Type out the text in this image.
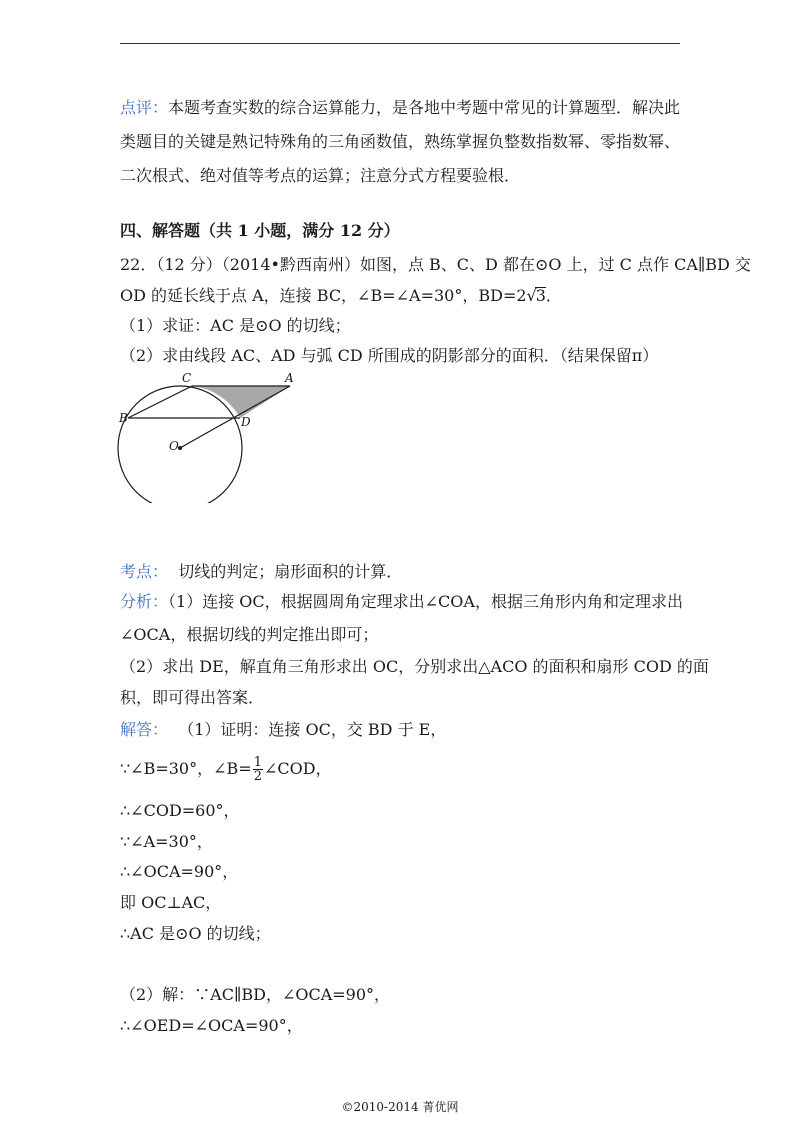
点评：本题考查实数的综合运算能力，是各地中考题中常见的计算题型．解决此
类题目的关键是熟记特殊角的三角函数值，熟练掌握负整数指数幂、零指数幂、
二次根式、绝对值等考点的运算；注意分式方程要验根．
四、解答题（共 1 小题，满分 12 分）
22．（12 分）（2014•黔西南州）如图，点 B、C、D 都在⊙O 上，过 C 点作 CA∥BD 交
OD 的延长线于点 A，连接 BC，∠B=∠A=30°，BD=2√3．
（1）求证：AC 是⊙O 的切线；
（2）求由线段 AC、AD 与弧 CD 所围成的阴影部分的面积．（结果保留π）
C	A
B	D
O
考点： 切线的判定；扇形面积的计算．
分析：（1）连接 OC，根据圆周角定理求出∠COA，根据三角形内角和定理求出
∠OCA，根据切线的判定推出即可；
（2）求出 DE，解直角三角形求出 OC，分别求出△ACO 的面积和扇形 COD 的面
积，即可得出答案．
解答： （1）证明：连接 OC，交 BD 于 E，
∵∠B=30°，∠B= $\frac{1}{2}$ ∠COD，
∴∠COD=60°，
∵∠A=30°，
∴∠OCA=90°，
即 OC⊥AC，
∴AC 是⊙O 的切线；
（2）解：∵AC∥BD，∠OCA=90°，
∴∠OED=∠OCA=90°，
©2010-2014 菁优网
